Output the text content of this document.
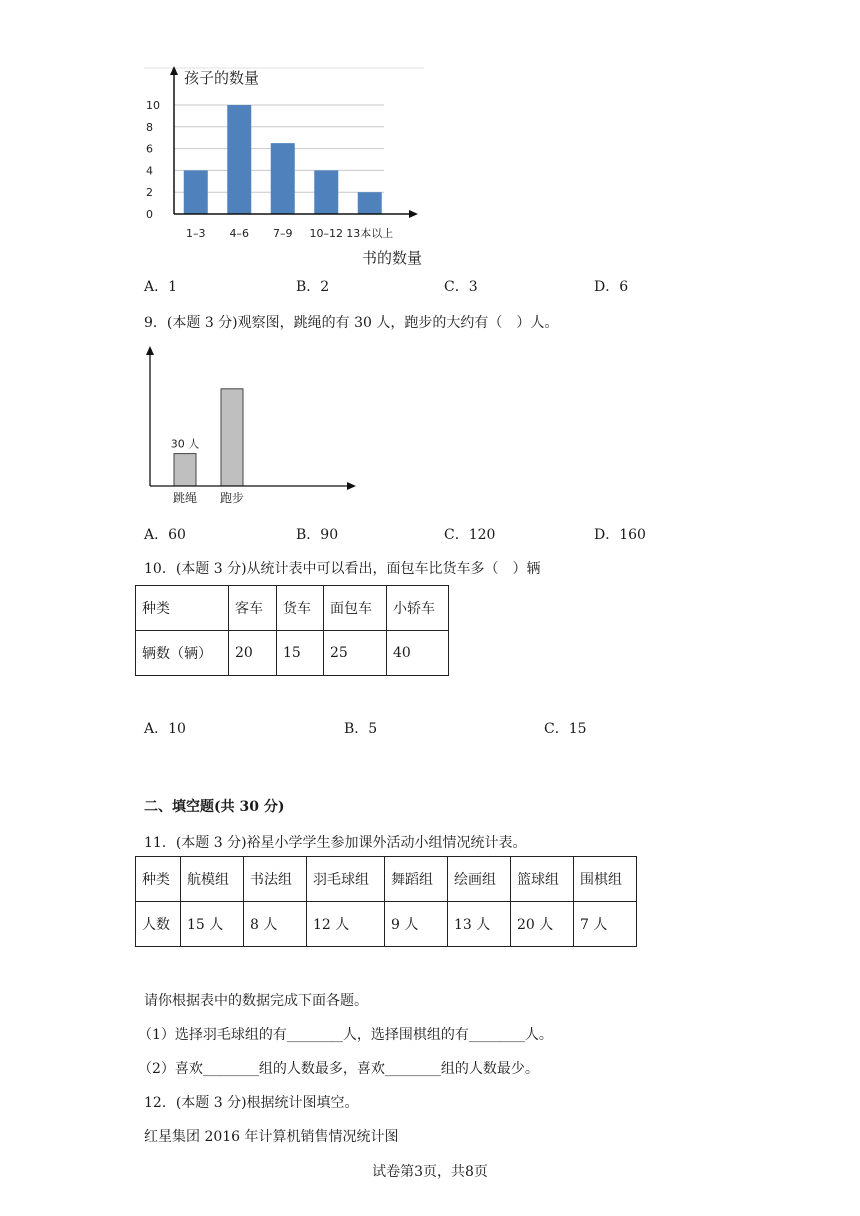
孩子的数量
书的数量
0
2
4
6
8
10
1–3 4–6 7–9 10–12 13本以上
A．1	B．2	C．3	D．6
9．(本题 3 分)观察图，跳绳的有 30 人，跑步的大约有（　）人。
跳绳 跑步
30 人
A．60	B．90	C．120	D．160
10．(本题 3 分)从统计表中可以看出，面包车比货车多（　）辆
种类	客车	货车	面包车	小轿车
辆数（辆）	20	15	25	40
A．10	B．5	C．15
二、填空题(共 30 分)
11．(本题 3 分)裕星小学学生参加课外活动小组情况统计表。
种类	航模组	书法组	羽毛球组	舞蹈组	绘画组	篮球组	围棋组
人数	15 人	8 人	12 人	9 人	13 人	20 人	7 人
请你根据表中的数据完成下面各题。
（1）选择羽毛球组的有________人，选择围棋组的有________人。
（2）喜欢________组的人数最多，喜欢________组的人数最少。
12．(本题 3 分)根据统计图填空。
红星集团 2016 年计算机销售情况统计图
试卷第3页，共8页
